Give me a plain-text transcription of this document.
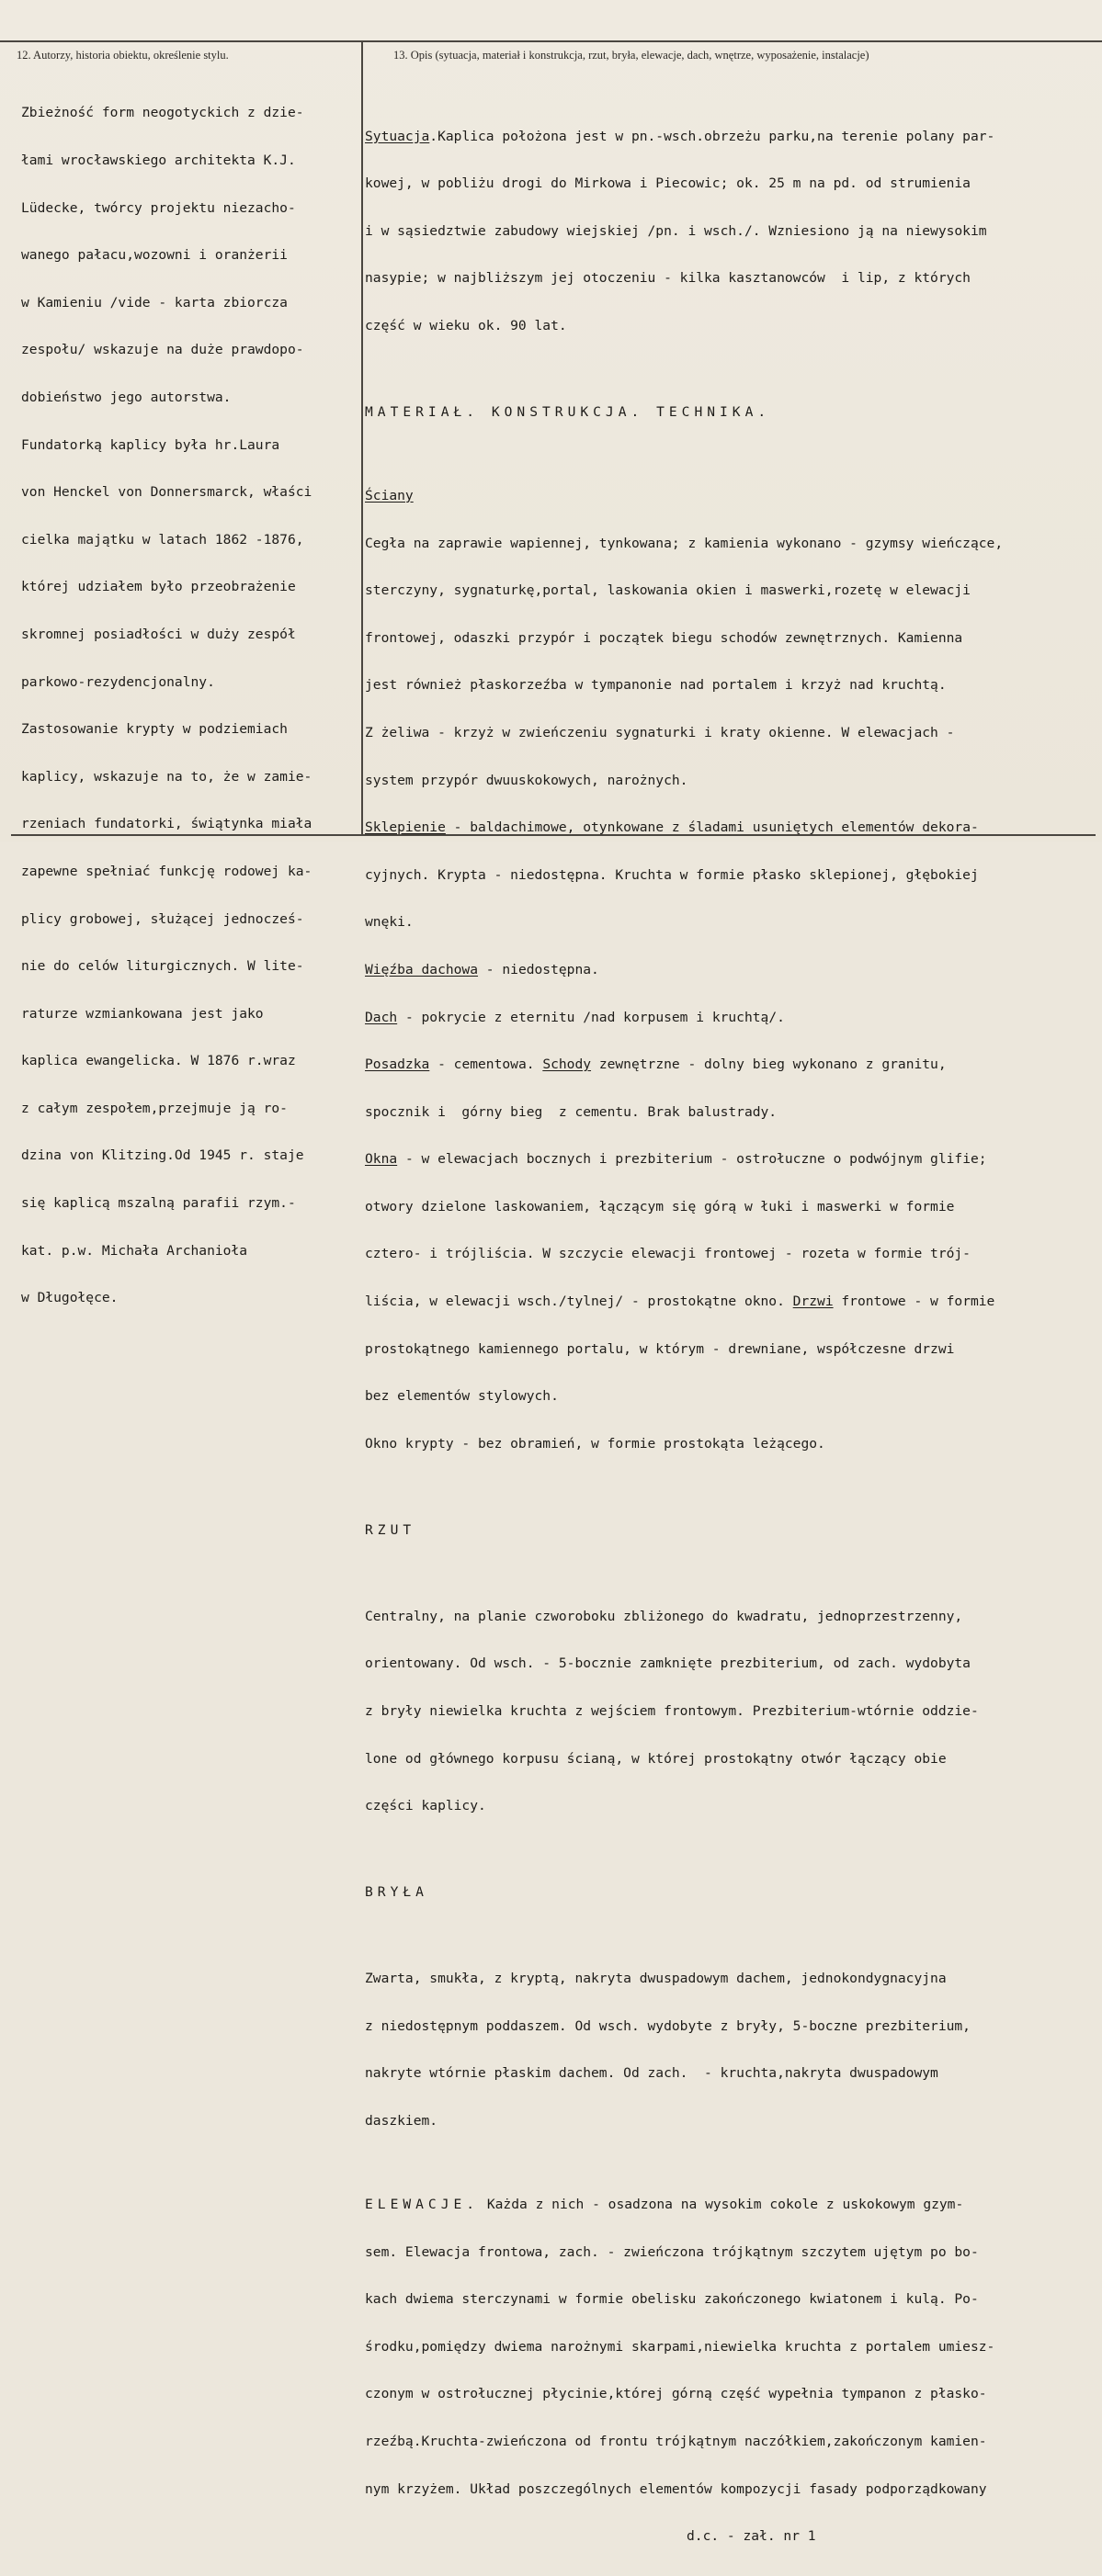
12. Autorzy, historia obiektu, określenie stylu.	13. Opis (sytuacja, materiał i konstrukcja, rzut, bryła, elewacje, dach, wnętrze, wyposażenie, instalacje)

Zbieżność form neogotyckich z dzie-

łami wrocławskiego architekta K.J.

Lüdecke, twórcy projektu niezacho-

wanego pałacu,wozowni i oranżerii

w Kamieniu /vide - karta zbiorcza

zespołu/ wskazuje na duże prawdopo-

dobieństwo jego autorstwa.

Fundatorką kaplicy była hr.Laura

von Henckel von Donnersmarck, właści

cielka majątku w latach 1862 -1876,

której udziałem było przeobrażenie

skromnej posiadłości w duży zespół

parkowo-rezydencjonalny.

Zastosowanie krypty w podziemiach

kaplicy, wskazuje na to, że w zamie-

rzeniach fundatorki, świątynka miała

zapewne spełniać funkcję rodowej ka-

plicy grobowej, służącej jednocześ-

nie do celów liturgicznych. W lite-

raturze wzmiankowana jest jako

kaplica ewangelicka. W 1876 r.wraz

z całym zespołem,przejmuje ją ro-

dzina von Klitzing.Od 1945 r. staje

się kaplicą mszalną parafii rzym.-

kat. p.w. Michała Archanioła

w Długołęce.

Sytuacja.Kaplica położona jest w pn.-wsch.obrzeżu parku,na terenie polany par-

kowej, w pobliżu drogi do Mirkowa i Piecowic; ok. 25 m na pd. od strumienia

i w sąsiedztwie zabudowy wiejskiej /pn. i wsch./. Wzniesiono ją na niewysokim

nasypie; w najbliższym jej otoczeniu - kilka kasztanowców  i lip, z których

część w wieku ok. 90 lat.

MATERIAŁ. KONSTRUKCJA. TECHNIKA.

Ściany

Cegła na zaprawie wapiennej, tynkowana; z kamienia wykonano - gzymsy wieńczące,

sterczyny, sygnaturkę,portal, laskowania okien i maswerki,rozetę w elewacji

frontowej, odaszki przypór i początek biegu schodów zewnętrznych. Kamienna

jest również płaskorzeźba w tympanonie nad portalem i krzyż nad kruchtą.

Z żeliwa - krzyż w zwieńczeniu sygnaturki i kraty okienne. W elewacjach -

system przypór dwuuskokowych, narożnych.

Sklepienie - baldachimowe, otynkowane z śladami usuniętych elementów dekora-

cyjnych. Krypta - niedostępna. Kruchta w formie płasko sklepionej, głębokiej

wnęki.

Więźba dachowa - niedostępna.

Dach - pokrycie z eternitu /nad korpusem i kruchtą/.

Posadzka - cementowa. Schody zewnętrzne - dolny bieg wykonano z granitu,

spocznik i  górny bieg  z cementu. Brak balustrady.

Okna - w elewacjach bocznych i prezbiterium - ostrołuczne o podwójnym glifie;

otwory dzielone laskowaniem, łączącym się górą w łuki i maswerki w formie

cztero- i trójliścia. W szczycie elewacji frontowej - rozeta w formie trój-

liścia, w elewacji wsch./tylnej/ - prostokątne okno. Drzwi frontowe - w formie

prostokątnego kamiennego portalu, w którym - drewniane, współczesne drzwi

bez elementów stylowych.

Okno krypty - bez obramień, w formie prostokąta leżącego.

RZUT

Centralny, na planie czworoboku zbliżonego do kwadratu, jednoprzestrzenny,

orientowany. Od wsch. - 5-bocznie zamknięte prezbiterium, od zach. wydobyta

z bryły niewielka kruchta z wejściem frontowym. Prezbiterium-wtórnie oddzie-

lone od głównego korpusu ścianą, w której prostokątny otwór łączący obie

części kaplicy.

BRYŁA

Zwarta, smukła, z kryptą, nakryta dwuspadowym dachem, jednokondygnacyjna

z niedostępnym poddaszem. Od wsch. wydobyte z bryły, 5-boczne prezbiterium,

nakryte wtórnie płaskim dachem. Od zach.  - kruchta,nakryta dwuspadowym

daszkiem.

ELEWACJE. Każda z nich - osadzona na wysokim cokole z uskokowym gzym-

sem. Elewacja frontowa, zach. - zwieńczona trójkątnym szczytem ujętym po bo-

kach dwiema sterczynami w formie obelisku zakończonego kwiatonem i kulą. Po-

środku,pomiędzy dwiema narożnymi skarpami,niewielka kruchta z portalem umiesz-

czonym w ostrołucznej płycinie,której górną część wypełnia tympanon z płasko-

rzeźbą.Kruchta-zwieńczona od frontu trójkątnym naczółkiem,zakończonym kamien-

nym krzyżem. Układ poszczególnych elementów kompozycji fasady podporządkowany

d.c. - zał. nr 1
